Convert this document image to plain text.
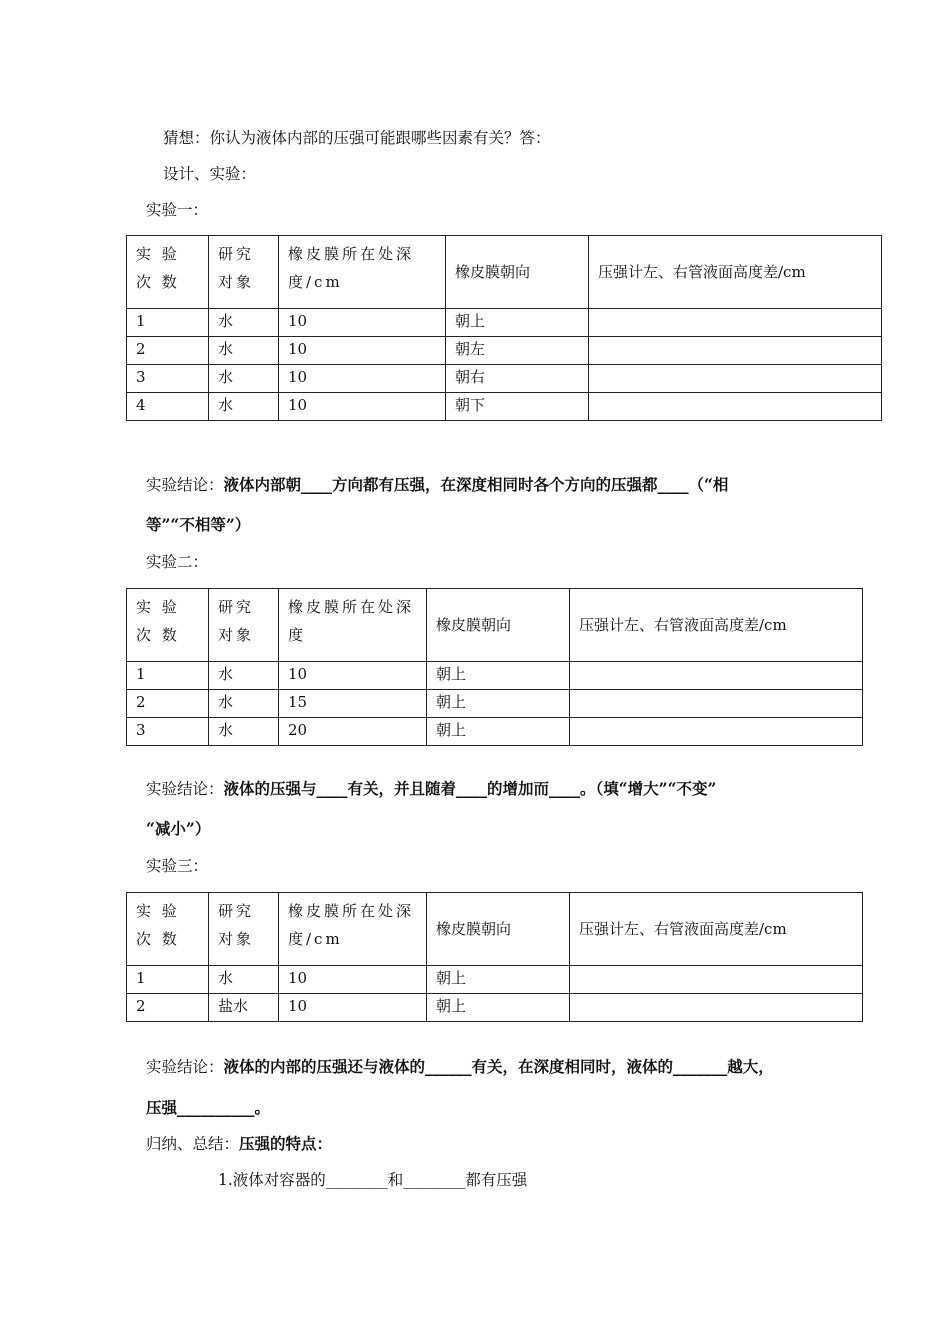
猜想：你认为液体内部的压强可能跟哪些因素有关？答：
设计、实验：
实验一：
实 验 次 数	研究对象	橡皮膜所在处深度/cm	橡皮膜朝向	压强计左、右管液面高度差/cm
1	水	10	朝上	
2	水	10	朝左	
3	水	10	朝右	
4	水	10	朝下	
实验结论：液体内部朝____方向都有压强，在深度相同时各个方向的压强都____（“相
等”“不相等”）
实验二：
实 验 次 数	研究对象	橡皮膜所在处深度	橡皮膜朝向	压强计左、右管液面高度差/cm
1	水	10	朝上	
2	水	15	朝上	
3	水	20	朝上	
实验结论：液体的压强与____有关，并且随着____的增加而____。（填“增大”“不变”
“减小”）
实验三：
实 验 次 数	研究对象	橡皮膜所在处深度/cm	橡皮膜朝向	压强计左、右管液面高度差/cm
1	水	10	朝上	
2	盐水	10	朝上	
实验结论：液体的内部的压强还与液体的______有关，在深度相同时，液体的_______越大，
压强__________。
归纳、总结：压强的特点：
1.液体对容器的________和________都有压强
